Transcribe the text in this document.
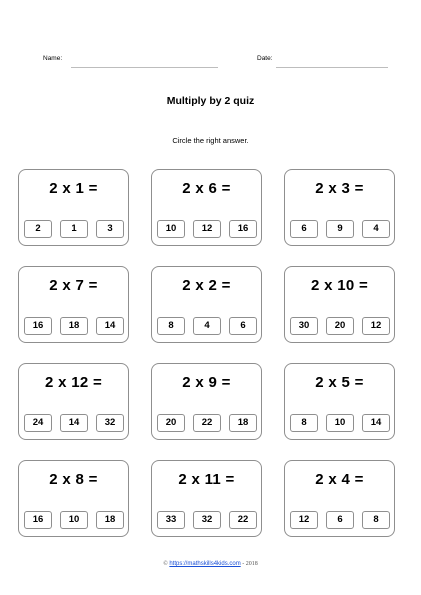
Name:	Date:
Multiply by 2 quiz
Circle the right answer.
2 x 1 =
2	1	3
2 x 6 =
10	12	16
2 x 3 =
6	9	4
2 x 7 =
16	18	14
2 x 2 =
8	4	6
2 x 10 =
30	20	12
2 x 12 =
24	14	32
2 x 9 =
20	22	18
2 x 5 =
8	10	14
2 x 8 =
16	10	18
2 x 11 =
33	32	22
2 x 4 =
12	6	8
© https://mathskills4kids.com - 2018
